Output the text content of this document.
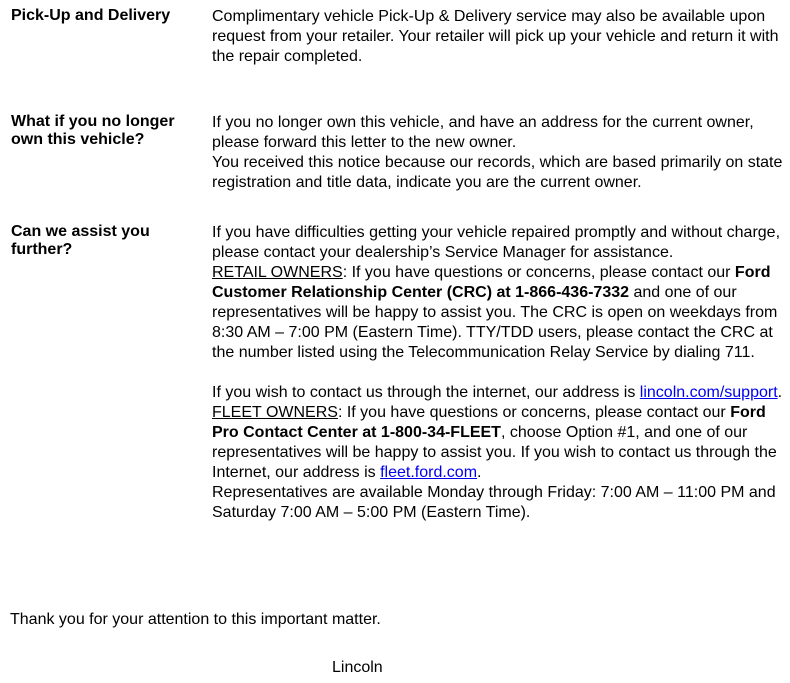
Pick-Up and Delivery	Complimentary vehicle Pick-Up & Delivery service may also be available upon request from your retailer. Your retailer will pick up your vehicle and return it with the repair completed.

What if you no longer own this vehicle?

If you no longer own this vehicle, and have an address for the current owner, please forward this letter to the new owner.

You received this notice because our records, which are based primarily on state registration and title data, indicate you are the current owner.

Can we assist you further?

If you have difficulties getting your vehicle repaired promptly and without charge, please contact your dealership’s Service Manager for assistance.

RETAIL OWNERS: If you have questions or concerns, please contact our Ford Customer Relationship Center (CRC) at 1-866-436-7332 and one of our representatives will be happy to assist you. The CRC is open on weekdays from 8:30 AM – 7:00 PM (Eastern Time). TTY/TDD users, please contact the CRC at the number listed using the Telecommunication Relay Service by dialing 711.

If you wish to contact us through the internet, our address is lincoln.com/support.

FLEET OWNERS: If you have questions or concerns, please contact our Ford Pro Contact Center at 1-800-34-FLEET, choose Option #1, and one of our representatives will be happy to assist you. If you wish to contact us through the Internet, our address is fleet.ford.com.

Representatives are available Monday through Friday: 7:00 AM – 11:00 PM and Saturday 7:00 AM – 5:00 PM (Eastern Time).

Thank you for your attention to this important matter.
Lincoln
